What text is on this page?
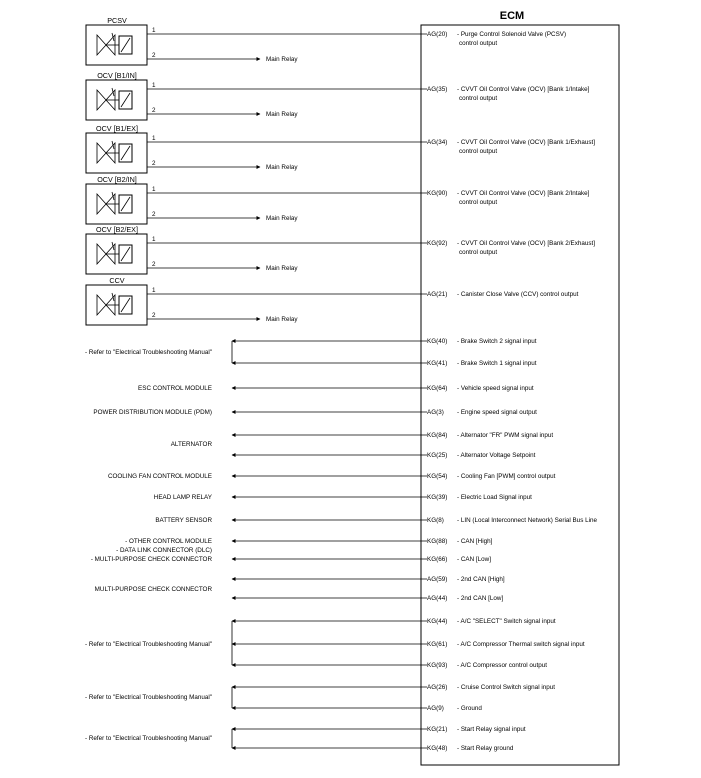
ECM
PCSV
1
2
Main Relay
AG(20) - Purge Control Solenoid Valve (PCSV)
control output
OCV [B1/IN]
1
2
Main Relay
AG(35) - CVVT Oil Control Valve (OCV) [Bank 1/Intake]
control output
OCV [B1/EX]
1
2
Main Relay
AG(34) - CVVT Oil Control Valve (OCV) [Bank 1/Exhaust]
control output
OCV [B2/IN]
1
2
Main Relay
KG(90) - CVVT Oil Control Valve (OCV) [Bank 2/Intake]
control output
OCV [B2/EX]
1
2
Main Relay
KG(92) - CVVT Oil Control Valve (OCV) [Bank 2/Exhaust]
control output
CCV
1
2
Main Relay
AG(21) - Canister Close Valve (CCV) control output
KG(40) - Brake Switch 2 signal input
KG(41) - Brake Switch 1 signal input
KG(64) - Vehicle speed signal input
AG(3) - Engine speed signal output
KG(84) - Alternator "FR" PWM signal input
KG(25) - Alternator Voltage Setpoint
KG(54) - Cooling Fan [PWM] control output
KG(39) - Electric Load Signal input
KG(8) - LIN (Local Interconnect Network) Serial Bus Line
KG(88) - CAN [High]
KG(66) - CAN [Low]
AG(59) - 2nd CAN [High]
AG(44) - 2nd CAN [Low]
KG(44) - A/C "SELECT" Switch signal input
KG(61) - A/C Compressor Thermal switch signal input
KG(93) - A/C Compressor control output
AG(26) - Cruise Control Switch signal input
AG(9) - Ground
KG(21) - Start Relay signal input
KG(48) - Start Relay ground
- Refer to "Electrical Troubleshooting Manual"
ESC CONTROL MODULE
POWER DISTRIBUTION MODULE (PDM)
ALTERNATOR
COOLING FAN CONTROL MODULE
HEAD LAMP RELAY
BATTERY SENSOR
- OTHER CONTROL MODULE
- DATA LINK CONNECTOR (DLC)
- MULTI-PURPOSE CHECK CONNECTOR
MULTI-PURPOSE CHECK CONNECTOR
- Refer to "Electrical Troubleshooting Manual"
- Refer to "Electrical Troubleshooting Manual"
- Refer to "Electrical Troubleshooting Manual"
